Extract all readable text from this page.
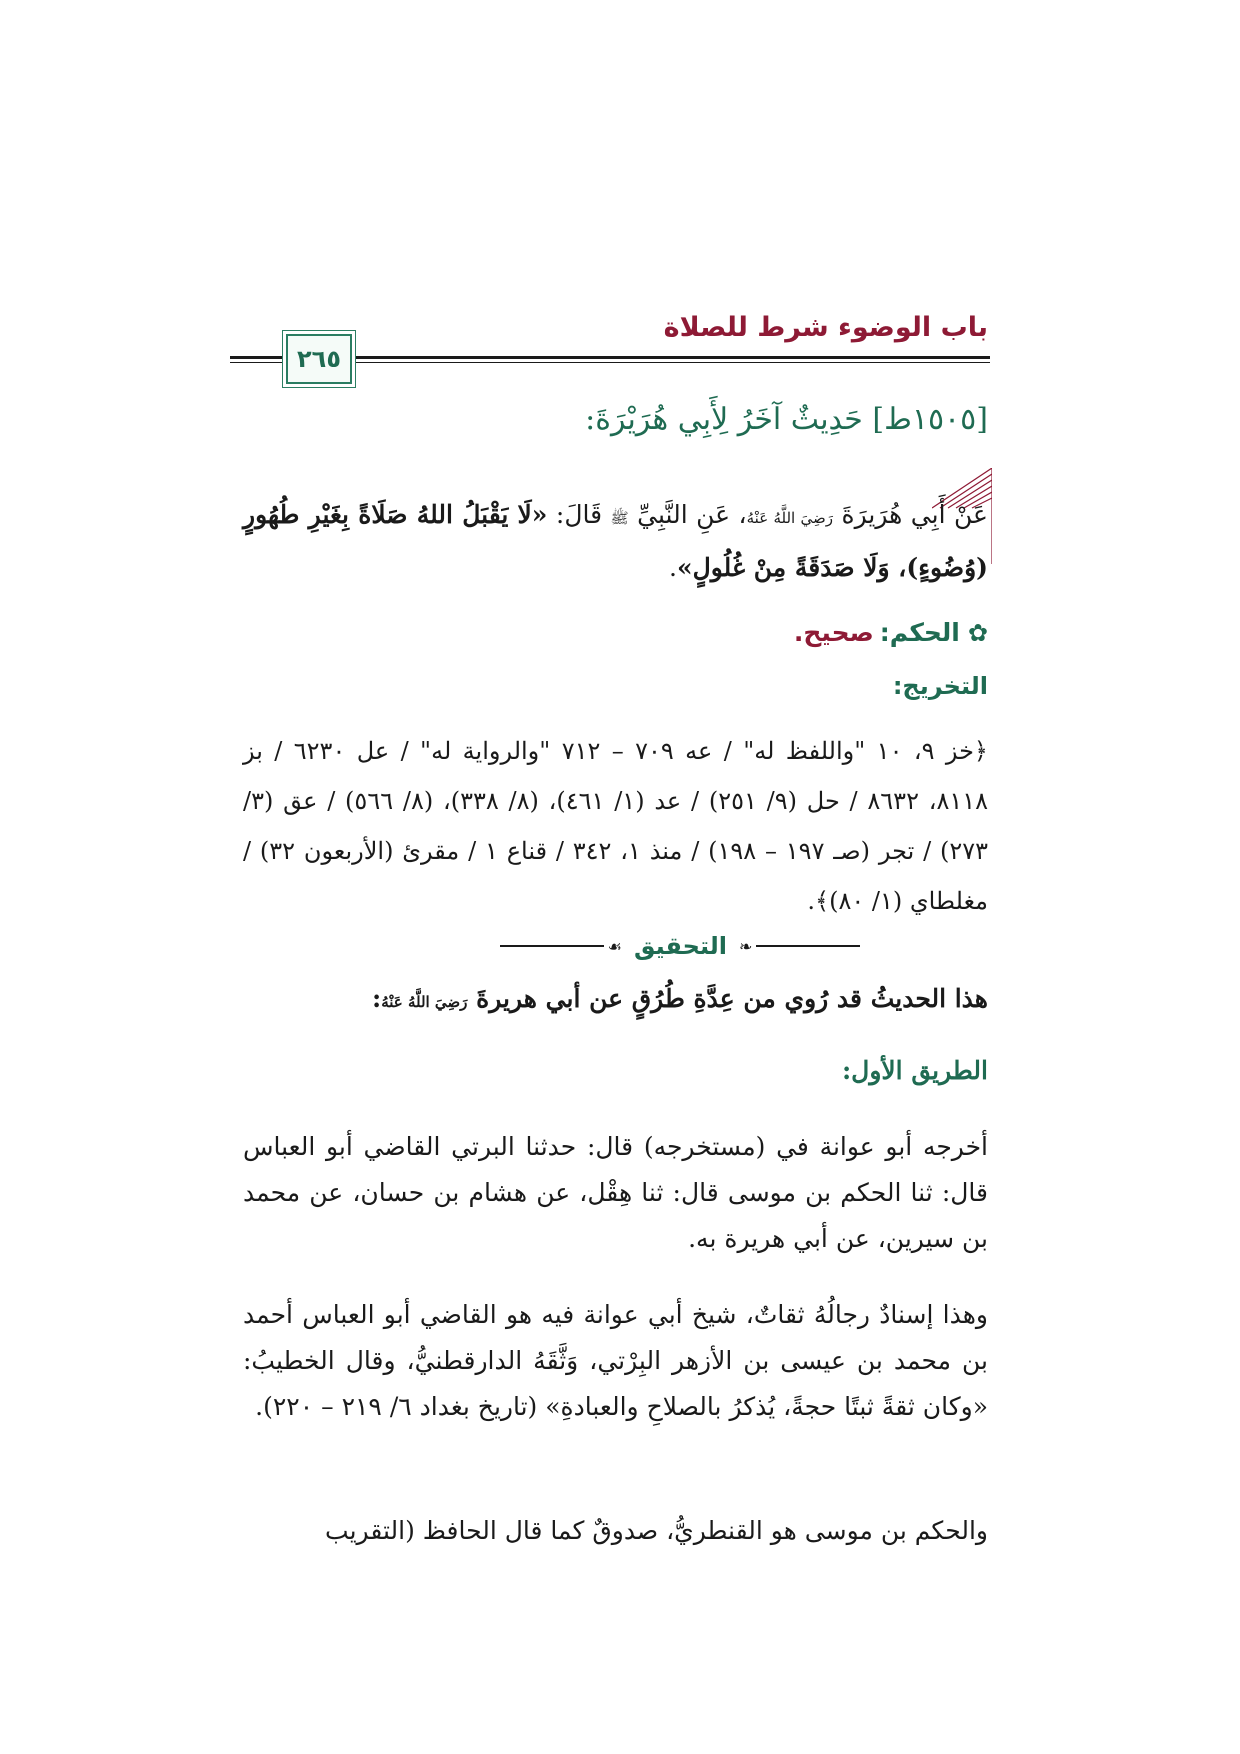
باب الوضوء شرط للصلاة
٢٦٥
[١٥٠٥ط] حَدِيثٌ آخَرُ لِأَبِي هُرَيْرَةَ:
عَنْ أَبِي هُرَيرَةَ رَضِيَ اللَّهُ عَنْهُ، عَنِ النَّبِيِّ ﷺ قَالَ: «لَا يَقْبَلُ اللهُ صَلَاةً بِغَيْرِ طُهُورٍ (وُضُوءٍ)، وَلَا صَدَقَةً مِنْ غُلُولٍ».
✿الحكم:صحيح.
التخريج:
﴿خز ٩، ١٠ "واللفظ له" / عه ٧٠٩ – ٧١٢ "والرواية له" / عل ٦٢٣٠ / بز ٨١١٨، ٨٦٣٢ / حل (٩/ ٢٥١) / عد (١/ ٤٦١)، (٨/ ٣٣٨)، (٨/ ٥٦٦) / عق (٣/ ٢٧٣) / تجر (صـ ١٩٧ – ١٩٨) / منذ ١، ٣٤٢ / قناع ١ / مقرئ (الأربعون ٣٢) / مغلطاي (١/ ٨٠)﴾.
❧
التحقيق
☙
هذا الحديثُ قد رُوي من عِدَّةِ طُرُقٍ عن أبي هريرةَ رَضِيَ اللَّهُ عَنْهُ:
الطريق الأول:
أخرجه أبو عوانة في (مستخرجه) قال: حدثنا البرتي القاضي أبو العباس قال: ثنا الحكم بن موسى قال: ثنا هِقْل، عن هشام بن حسان، عن محمد بن سيرين، عن أبي هريرة به.
وهذا إسنادٌ رجالُهُ ثقاتٌ، شيخ أبي عوانة فيه هو القاضي أبو العباس أحمد بن محمد بن عيسى بن الأزهر البِرْتي، وَثَّقَهُ الدارقطنيُّ، وقال الخطيبُ: «وكان ثقةً ثبتًا حجةً، يُذكرُ بالصلاحِ والعبادةِ» (تاريخ بغداد ٦/ ٢١٩ – ٢٢٠).
والحكم بن موسى هو القنطريُّ، صدوقٌ كما قال الحافظ (التقريب
